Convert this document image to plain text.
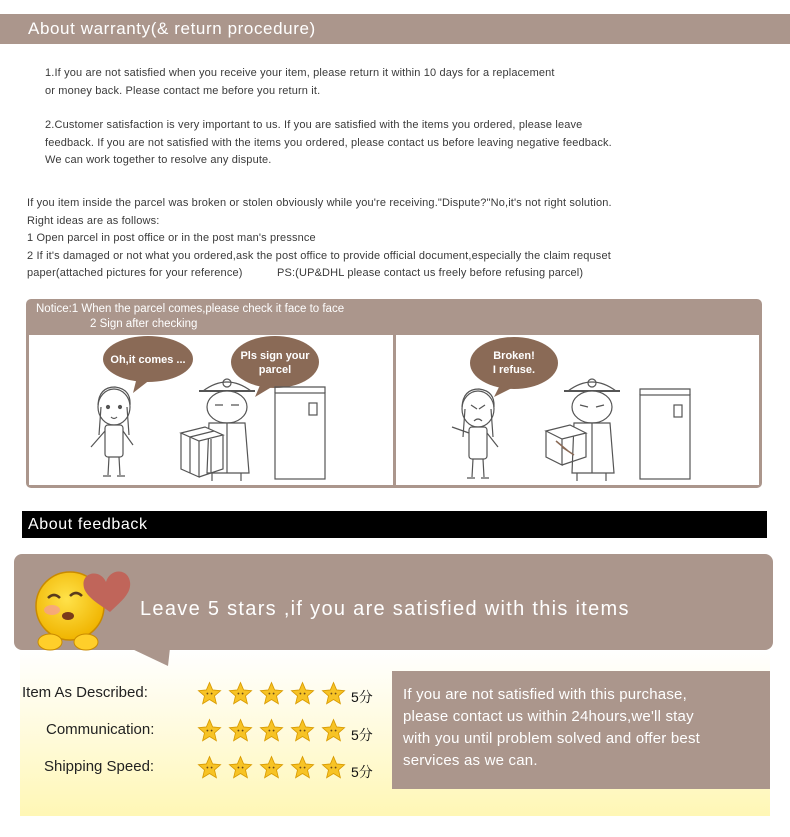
About warranty(& return procedure)
1.If you are not satisfied when you receive your item, please return it within 10 days for a replacement
or money back. Please contact me before you return it.
2.Customer satisfaction is very important to us. If you are satisfied with the items you ordered, please leave
feedback. If you are not satisfied with the items you ordered, please contact us before leaving negative feedback.
We can work together to resolve any dispute.
If you item inside the parcel was broken or stolen obviously while you're receiving."Dispute?"No,it's not right solution.
Right ideas are as follows:
1 Open parcel in post office or in the post man's pressnce
2 If it's damaged or not what you ordered,ask the post office to provide official document,especially the claim requset
paper(attached pictures for your reference)	PS:(UP&DHL please contact us freely before refusing parcel)
Notice:1 When the parcel comes,please check it face to face
2 Sign after checking
Oh,it comes ...	Pls sign your
parcel
Broken!
I refuse.
About feedback
Leave 5 stars ,if you are satisfied with this items
Item As Described:
Communication:
Shipping Speed:
5分
5分
5分
If you are not satisfied with this purchase,
please contact us within 24hours,we'll stay
with you until problem solved and offer best
services as we can.
